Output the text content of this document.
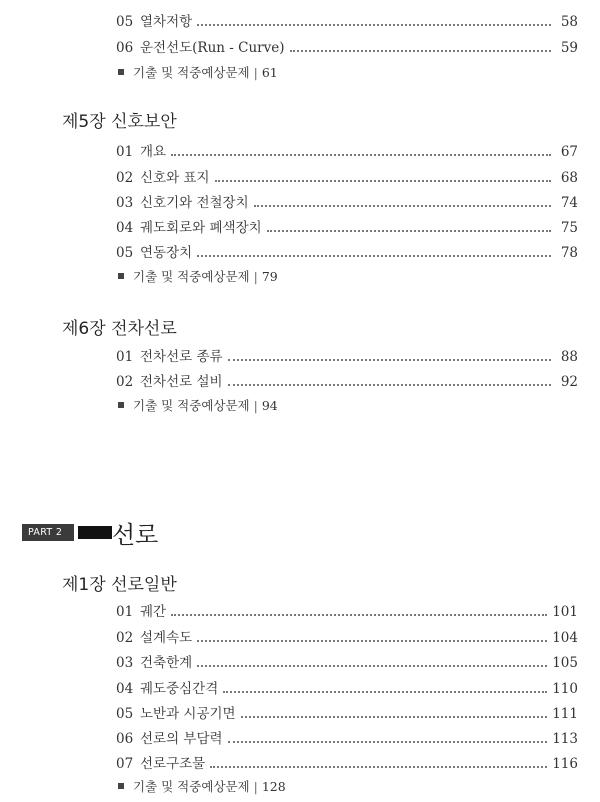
05 열차저항	58
06 운전선도(Run - Curve)	59
기출 및 적중예상문제 | 61
제5장 신호보안
01 개요	67
02 신호와 표지	68
03 신호기와 전철장치	74
04 궤도회로와 폐색장치	75
05 연동장치	78
기출 및 적중예상문제 | 79
제6장 전차선로
01 전차선로 종류	88
02 전차선로 설비	92
기출 및 적중예상문제 | 94
PART 2	선로
제1장 선로일반
01 궤간	101
02 설계속도	104
03 건축한계	105
04 궤도중심간격	110
05 노반과 시공기면	111
06 선로의 부담력	113
07 선로구조물	116
기출 및 적중예상문제 | 128
